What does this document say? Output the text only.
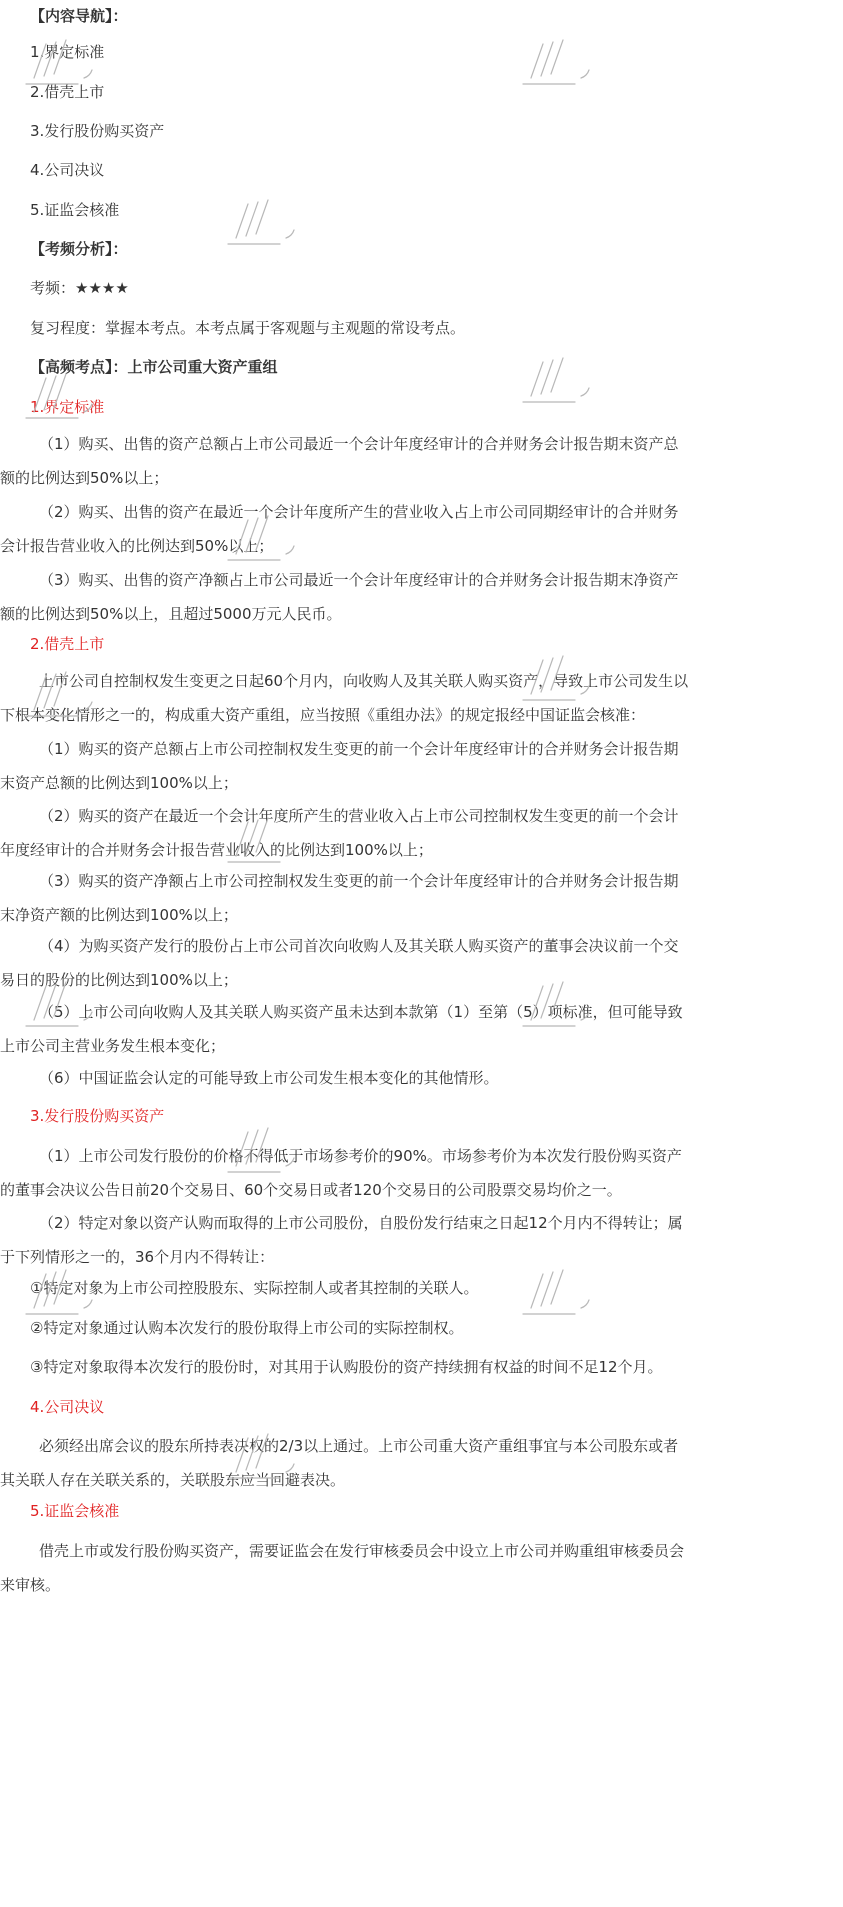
【内容导航】：

1.界定标准

2.借壳上市

3.发行股份购买资产

4.公司决议

5.证监会核准

【考频分析】：

考频：★★★★

复习程度：掌握本考点。本考点属于客观题与主观题的常设考点。

【高频考点】：上市公司重大资产重组

1.界定标准

（1）购买、出售的资产总额占上市公司最近一个会计年度经审计的合并财务会计报告期末资产总额的比例达到50%以上；

（2）购买、出售的资产在最近一个会计年度所产生的营业收入占上市公司同期经审计的合并财务会计报告营业收入的比例达到50%以上；

（3）购买、出售的资产净额占上市公司最近一个会计年度经审计的合并财务会计报告期末净资产额的比例达到50%以上，且超过5000万元人民币。

2.借壳上市

上市公司自控制权发生变更之日起60个月内，向收购人及其关联人购买资产，导致上市公司发生以下根本变化情形之一的，构成重大资产重组，应当按照《重组办法》的规定报经中国证监会核准：

（1）购买的资产总额占上市公司控制权发生变更的前一个会计年度经审计的合并财务会计报告期末资产总额的比例达到100%以上；

（2）购买的资产在最近一个会计年度所产生的营业收入占上市公司控制权发生变更的前一个会计年度经审计的合并财务会计报告营业收入的比例达到100%以上；

（3）购买的资产净额占上市公司控制权发生变更的前一个会计年度经审计的合并财务会计报告期末净资产额的比例达到100%以上；

（4）为购买资产发行的股份占上市公司首次向收购人及其关联人购买资产的董事会决议前一个交易日的股份的比例达到100%以上；

（5）上市公司向收购人及其关联人购买资产虽未达到本款第（1）至第（5）项标准，但可能导致上市公司主营业务发生根本变化；

（6）中国证监会认定的可能导致上市公司发生根本变化的其他情形。

3.发行股份购买资产

（1）上市公司发行股份的价格不得低于市场参考价的90%。市场参考价为本次发行股份购买资产的董事会决议公告日前20个交易日、60个交易日或者120个交易日的公司股票交易均价之一。

（2）特定对象以资产认购而取得的上市公司股份，自股份发行结束之日起12个月内不得转让；属于下列情形之一的，36个月内不得转让：

①特定对象为上市公司控股股东、实际控制人或者其控制的关联人。

②特定对象通过认购本次发行的股份取得上市公司的实际控制权。

③特定对象取得本次发行的股份时，对其用于认购股份的资产持续拥有权益的时间不足12个月。

4.公司决议

必须经出席会议的股东所持表决权的2/3以上通过。上市公司重大资产重组事宜与本公司股东或者其关联人存在关联关系的，关联股东应当回避表决。

5.证监会核准

借壳上市或发行股份购买资产，需要证监会在发行审核委员会中设立上市公司并购重组审核委员会来审核。
